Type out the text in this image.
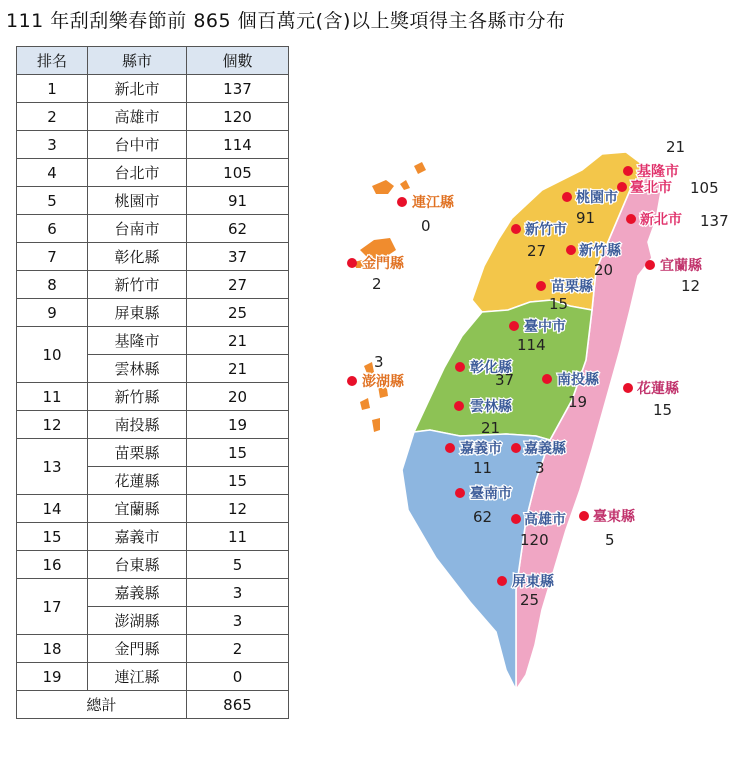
111 年刮刮樂春節前 865 個百萬元(含)以上獎項得主各縣市分布
排名	縣市	個數
1	新北市	137
2	高雄市	120
3	台中市	114
4	台北市	105
5	桃園市	91
6	台南市	62
7	彰化縣	37
8	新竹市	27
9	屏東縣	25
10	基隆市	21
	雲林縣	21
11	新竹縣	20
12	南投縣	19
13	苗栗縣	15
	花蓮縣	15
14	宜蘭縣	12
15	嘉義市	11
16	台東縣	5
17	嘉義縣	3
	澎湖縣	3
18	金門縣	2
19	連江縣	0
總計		865
基隆市
21
臺北市 105
新北市 137
桃園市
91
新竹市
27 新竹縣
20	宜蘭縣
12
苗栗縣
15
臺中市
114
彰化縣
37	南投縣
19
雲林縣
21
花蓮縣
15
嘉義市
11
嘉義縣
3
臺南市
62 高雄市
120
臺東縣
5
屏東縣
25
連江縣
0
金門縣
2
澎湖縣
3
